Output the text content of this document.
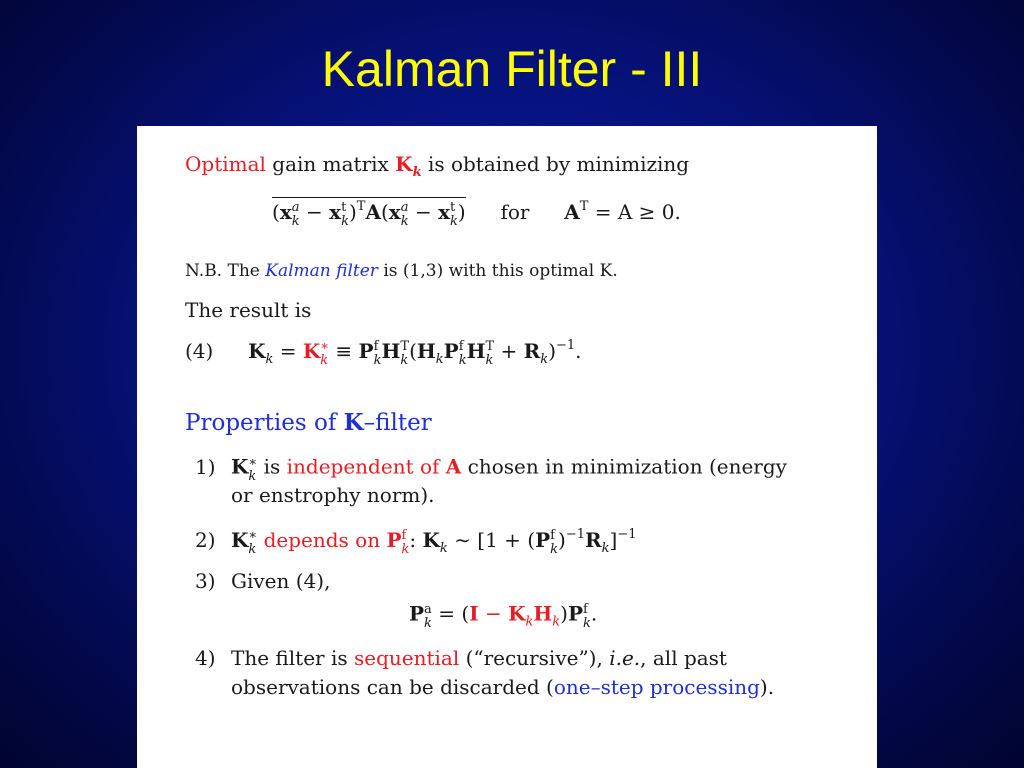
Kalman Filter - III
Optimal gain matrix $K_k$ is obtained by minimizing
(x a
k − x t
k )$^T$A(x a
k − x t
k ) for $A^T = A \ge 0$.
N.B. The Kalman filter is (1,3) with this optimal K.
The result is
(4) $K_k = K$ ∗
k ≡ P f
k H T
k ($H_kP$ f
k H T
$k + R_k)^{-1}$.
Properties of K–filter
1) K ∗
k is independent of A chosen in minimization (energy
or enstrophy norm).
2) K ∗
k depends on P f
k : $K_k$ ∼ [1 + (P f
k )$^{-1}R_k]^{-1}$
3) Given (4),
P a
$k = (I - K_kH_k)P$ f
k .
4) The filter is sequential (“recursive”), i.e., all past
observations can be discarded (one–step processing).
